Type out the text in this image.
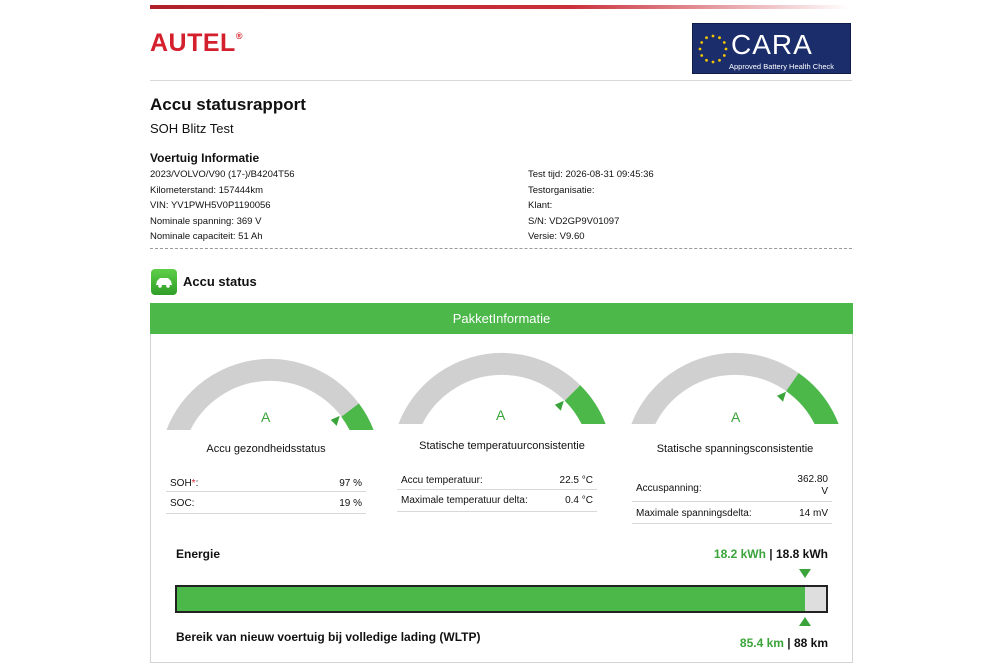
AUTEL®	CARA
Approved Battery Health Check
Accu statusrapport
SOH Blitz Test
Voertuig Informatie
2023/VOLVO/V90 (17-)/B4204T56
Kilometerstand: 157444km
VIN: YV1PWH5V0P1190056
Nominale spanning: 369 V
Nominale capaciteit: 51 Ah
Test tijd: 2026-08-31 09:45:36
Testorganisatie:
Klant:
S/N: VD2GP9V01097
Versie: V9.60
Accu status
PakketInformatie
A
Accu gezondheidsstatus
A
Statische temperatuurconsistentie
A
Statische spanningsconsistentie
SOH*:	97 %
SOC:	19 %
Accu temperatuur:	22.5 °C
Maximale temperatuur delta:	0.4 °C
Accuspanning:
362.80
V
Maximale spanningsdelta:	14 mV
Energie	18.2 kWh | 18.8 kWh
Bereik van nieuw voertuig bij volledige lading (WLTP)	85.4 km | 88 km
